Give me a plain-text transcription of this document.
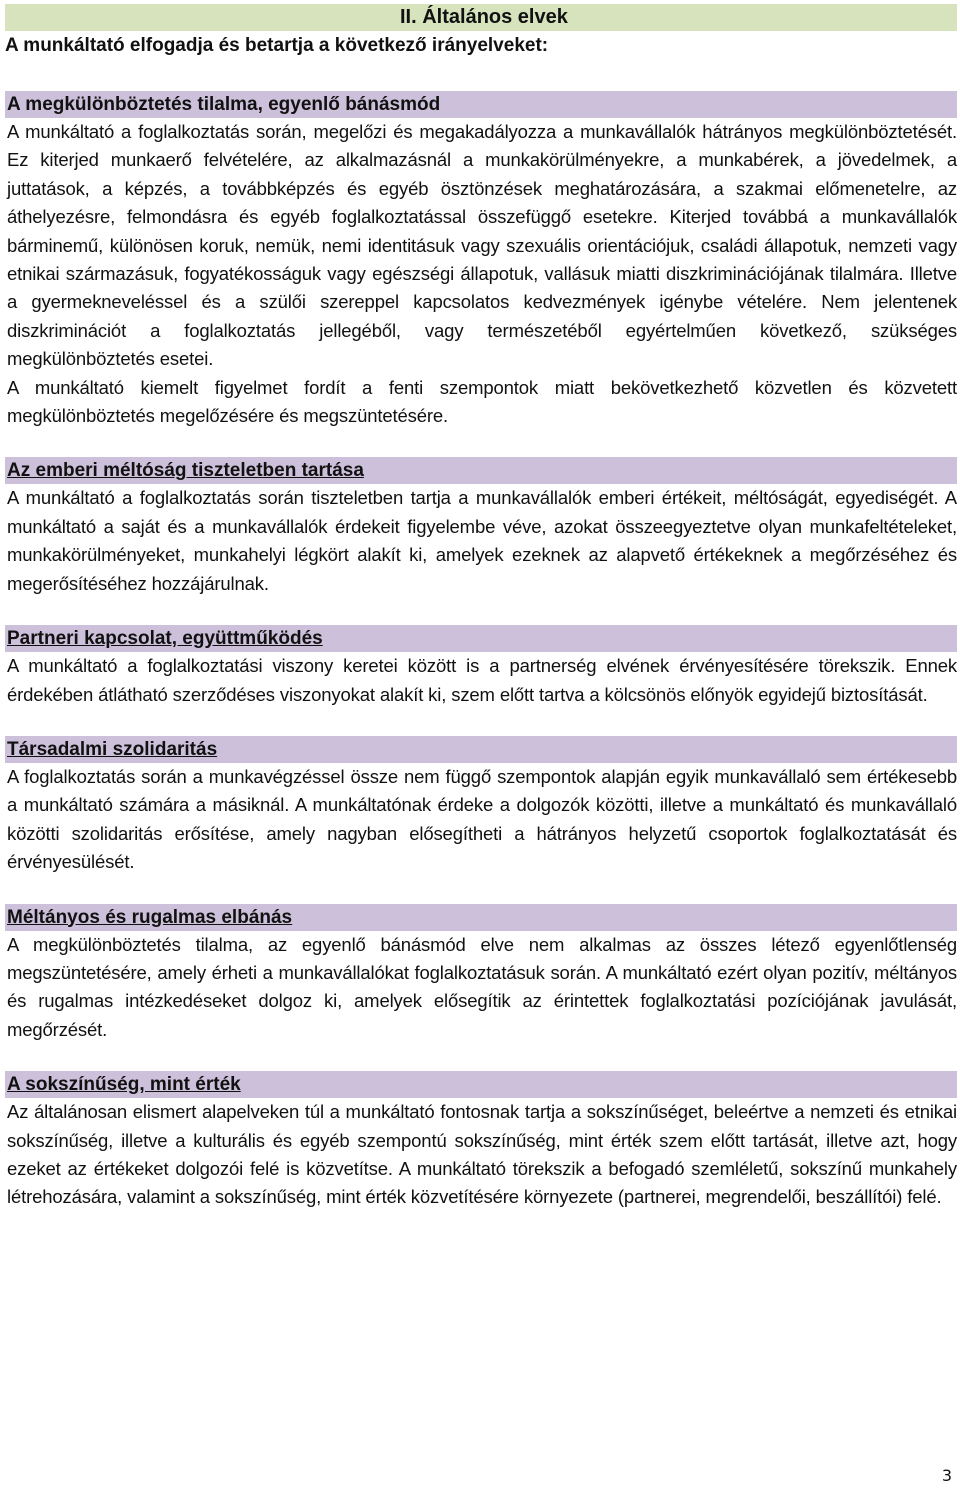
II. Általános elvek
A munkáltató elfogadja és betartja a következő irányelveket:
A megkülönböztetés tilalma, egyenlő bánásmód

A munkáltató a foglalkoztatás során, megelőzi és megakadályozza a munkavállalók hátrányos megkülönböztetését. Ez kiterjed munkaerő felvételére, az alkalmazásnál a munkakörülményekre, a munkabérek, a jövedelmek, a juttatások, a képzés, a továbbképzés és egyéb ösztönzések meghatározására, a szakmai előmenetelre, az áthelyezésre, felmondásra és egyéb foglalkoztatással összefüggő esetekre. Kiterjed továbbá a munkavállalók bárminemű, különösen koruk, nemük, nemi identitásuk vagy szexuális orientációjuk, családi állapotuk, nemzeti vagy etnikai származásuk, fogyatékosságuk vagy egészségi állapotuk, vallásuk miatti diszkriminációjának tilalmára. Illetve a gyermekneveléssel és a szülői szereppel kapcsolatos kedvezmények igénybe vételére. Nem jelentenek diszkriminációt a foglalkoztatás jellegéből, vagy természetéből egyértelműen következő, szükséges megkülönböztetés esetei.

A munkáltató kiemelt figyelmet fordít a fenti szempontok miatt bekövetkezhető közvetlen és közvetett megkülönböztetés megelőzésére és megszüntetésére.

Az emberi méltóság tiszteletben tartása

A munkáltató a foglalkoztatás során tiszteletben tartja a munkavállalók emberi értékeit, méltóságát, egyediségét. A munkáltató a saját és a munkavállalók érdekeit figyelembe véve, azokat összeegyeztetve olyan munkafeltételeket, munkakörülményeket, munkahelyi légkört alakít ki, amelyek ezeknek az alapvető értékeknek a megőrzéséhez és megerősítéséhez hozzájárulnak.

Partneri kapcsolat, együttműködés

A munkáltató a foglalkoztatási viszony keretei között is a partnerség elvének érvényesítésére törekszik. Ennek érdekében átlátható szerződéses viszonyokat alakít ki, szem előtt tartva a kölcsönös előnyök egyidejű biztosítását.

Társadalmi szolidaritás

A foglalkoztatás során a munkavégzéssel össze nem függő szempontok alapján egyik munkavállaló sem értékesebb a munkáltató számára a másiknál. A munkáltatónak érdeke a dolgozók közötti, illetve a munkáltató és munkavállaló közötti szolidaritás erősítése, amely nagyban elősegítheti a hátrányos helyzetű csoportok foglalkoztatását és érvényesülését.

Méltányos és rugalmas elbánás

A megkülönböztetés tilalma, az egyenlő bánásmód elve nem alkalmas az összes létező egyenlőtlenség megszüntetésére, amely érheti a munkavállalókat foglalkoztatásuk során. A munkáltató ezért olyan pozitív, méltányos és rugalmas intézkedéseket dolgoz ki, amelyek elősegítik az érintettek foglalkoztatási pozíciójának javulását, megőrzését.

A sokszínűség, mint érték

Az általánosan elismert alapelveken túl a munkáltató fontosnak tartja a sokszínűséget, beleértve a nemzeti és etnikai sokszínűség, illetve a kulturális és egyéb szempontú sokszínűség, mint érték szem előtt tartását, illetve azt, hogy ezeket az értékeket dolgozói felé is közvetítse. A munkáltató törekszik a befogadó szemléletű, sokszínű munkahely létrehozására, valamint a sokszínűség, mint érték közvetítésére környezete (partnerei, megrendelői, beszállítói) felé.

3
